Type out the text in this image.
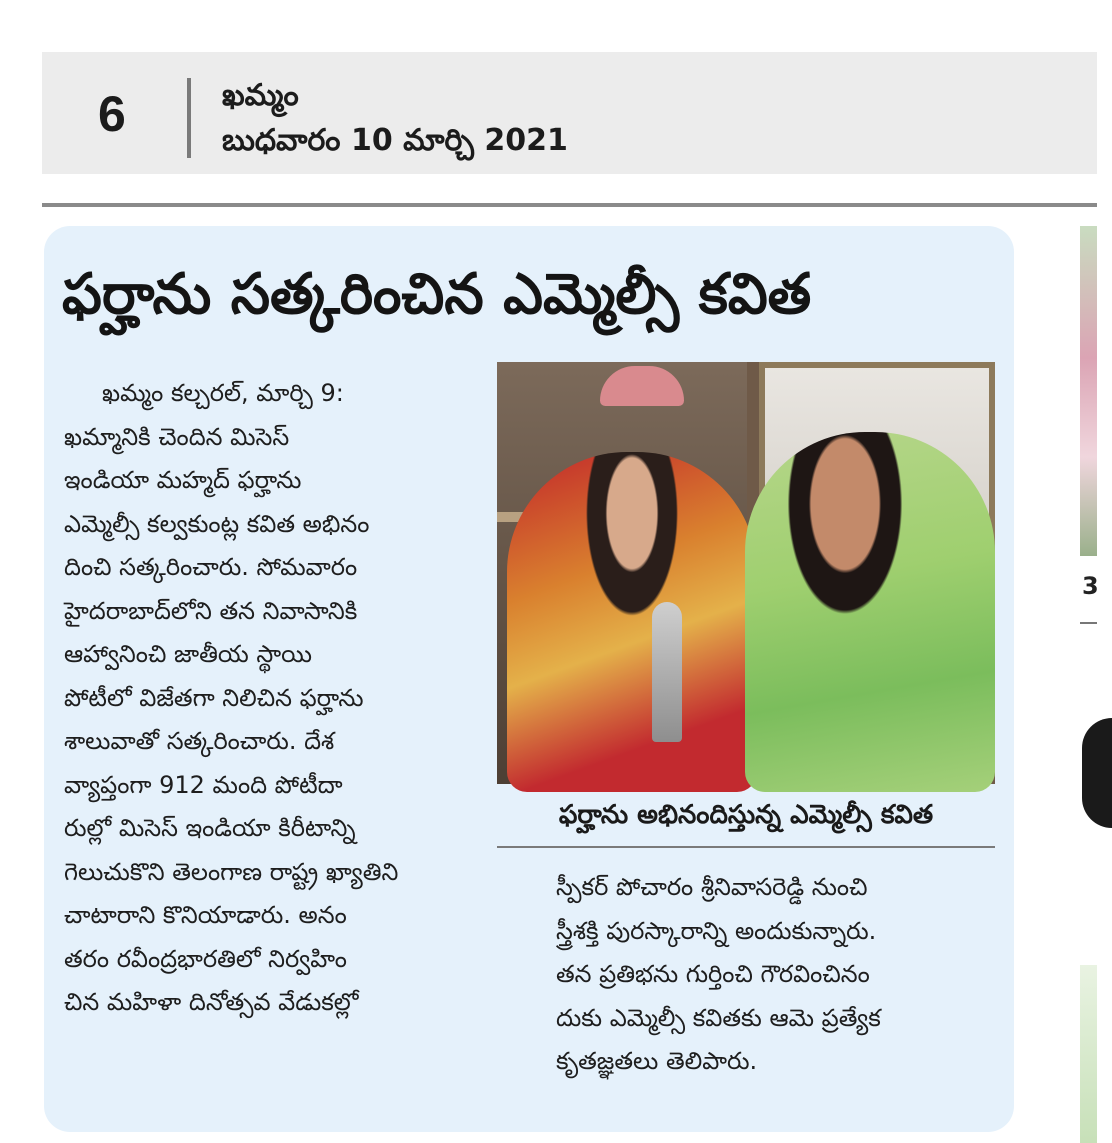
6	ఖమ్మం
బుధవారం 10 మార్చి 2021
ఫర్హాను సత్కరించిన ఎమ్మెల్సీ కవిత

ఖమ్మం కల్చరల్, మార్చి 9:

ఖమ్మానికి చెందిన మిసెస్

ఇండియా మహ్మద్ ఫర్హాను

ఎమ్మెల్సీ కల్వకుంట్ల కవిత అభినం

దించి సత్కరించారు. సోమవారం

హైదరాబాద్‌లోని తన నివాసానికి

ఆహ్వానించి జాతీయ స్థాయి

పోటీలో విజేతగా నిలిచిన ఫర్హాను

శాలువాతో సత్కరించారు. దేశ

వ్యాప్తంగా 912 మంది పోటీదా

రుల్లో మిసెస్ ఇండియా కిరీటాన్ని

గెలుచుకొని తెలంగాణ రాష్ట్ర ఖ్యాతిని

చాటారాని కొనియాడారు. అనం

తరం రవీంద్రభారతిలో నిర్వహిం

చిన మహిళా దినోత్సవ వేడుకల్లో

ఫర్హాను అభినందిస్తున్న ఎమ్మెల్సీ కవిత

స్పీకర్ పోచారం శ్రీనివాసరెడ్డి నుంచి

స్త్రీశక్తి పురస్కారాన్ని అందుకున్నారు.

తన ప్రతిభను గుర్తించి గౌరవించినం

దుకు ఎమ్మెల్సీ కవితకు ఆమె ప్రత్యేక

కృతజ్ఞతలు తెలిపారు.

3
